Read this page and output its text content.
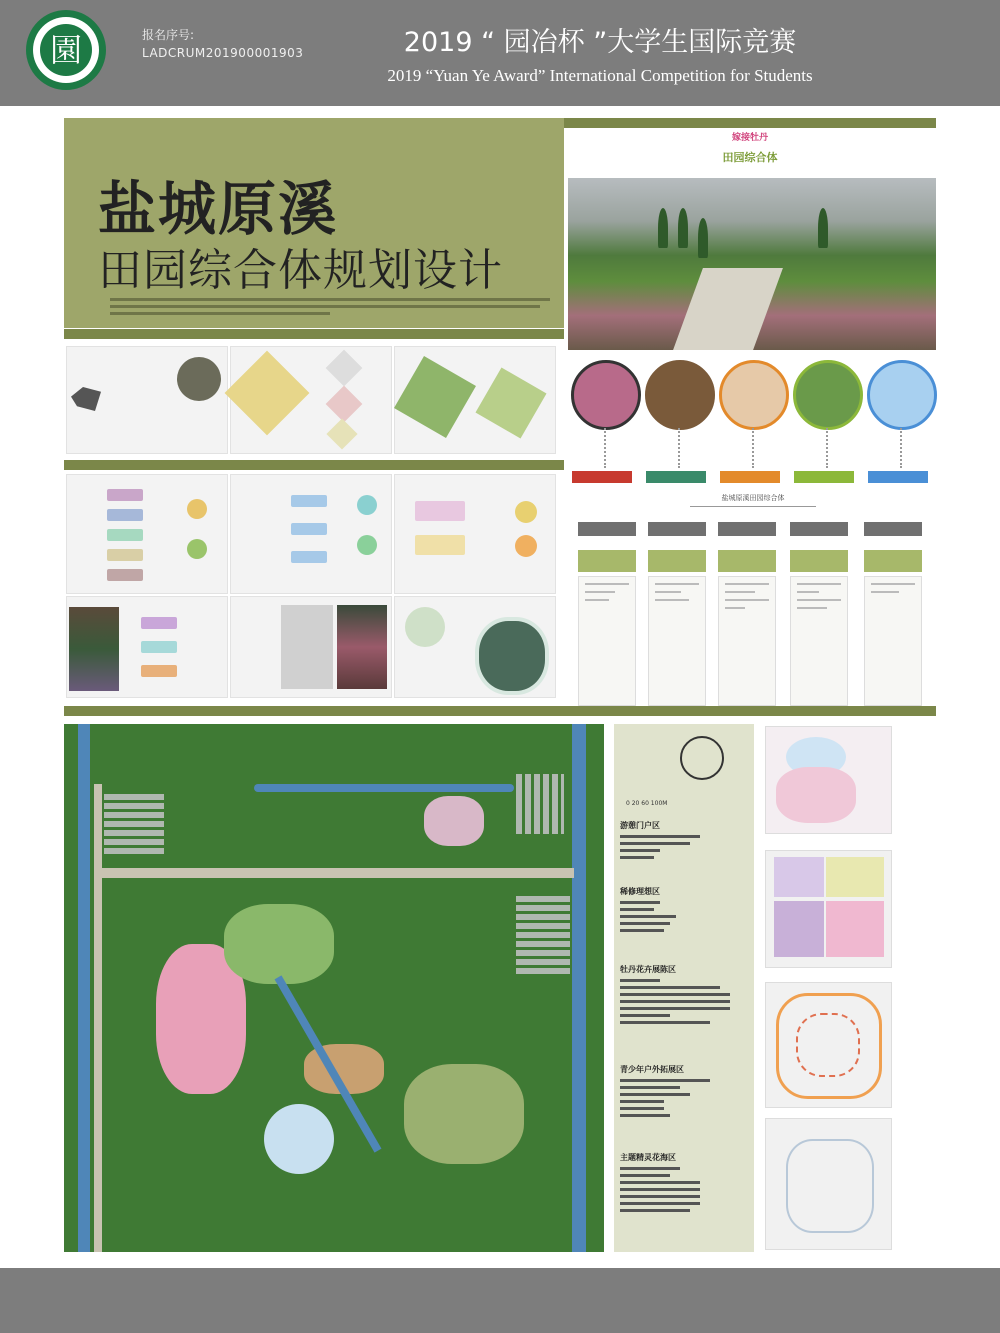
園	报名序号:
LADCRUM201900001903	2019 “ 园冶杯 ”大学生国际竞赛
2019 “Yuan Ye Award” International Competition for Students
盐城原溪
田园综合体规划设计
嫁接牡丹
田园综合体
盐城原溪田园综合体
0 20 60 100M
游憩门户区
稀修理想区
牡丹花卉展陈区
青少年户外拓展区
主题精灵花海区
